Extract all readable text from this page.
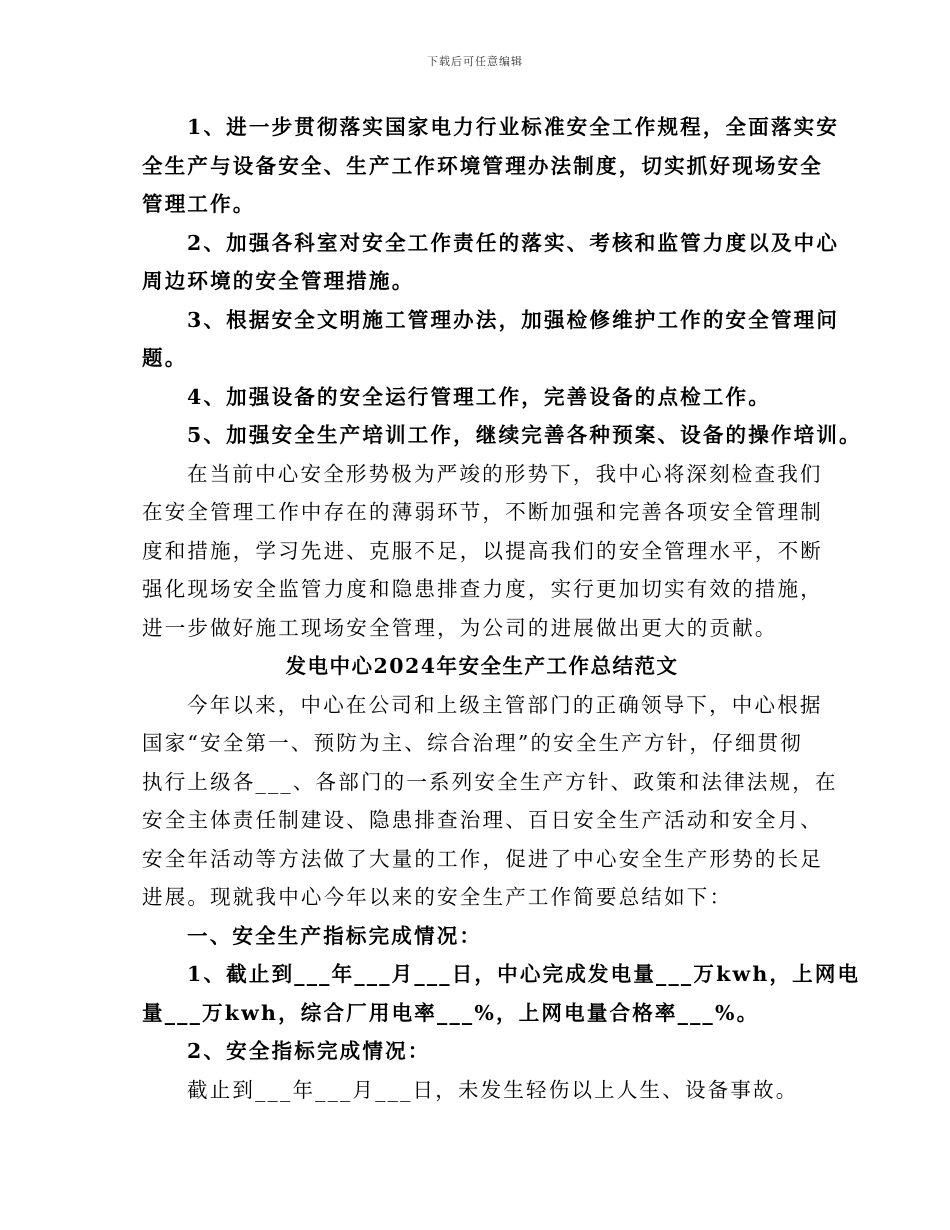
下载后可任意编辑
1、进一步贯彻落实国家电力行业标准安全工作规程，全面落实安
全生产与设备安全、生产工作环境管理办法制度，切实抓好现场安全
管理工作。
2、加强各科室对安全工作责任的落实、考核和监管力度以及中心
周边环境的安全管理措施。
3、根据安全文明施工管理办法，加强检修维护工作的安全管理问
题。
4、加强设备的安全运行管理工作，完善设备的点检工作。
5、加强安全生产培训工作，继续完善各种预案、设备的操作培训。
在当前中心安全形势极为严竣的形势下，我中心将深刻检查我们
在安全管理工作中存在的薄弱环节，不断加强和完善各项安全管理制
度和措施，学习先进、克服不足，以提高我们的安全管理水平，不断
强化现场安全监管力度和隐患排查力度，实行更加切实有效的措施，
进一步做好施工现场安全管理，为公司的进展做出更大的贡献。
发电中心2024年安全生产工作总结范文
今年以来，中心在公司和上级主管部门的正确领导下，中心根据
国家“安全第一、预防为主、综合治理”的安全生产方针，仔细贯彻
执行上级各___、各部门的一系列安全生产方针、政策和法律法规，在
安全主体责任制建设、隐患排查治理、百日安全生产活动和安全月、
安全年活动等方法做了大量的工作，促进了中心安全生产形势的长足
进展。现就我中心今年以来的安全生产工作简要总结如下：
一、安全生产指标完成情况：
1、截止到___年___月___日，中心完成发电量___万kwh，上网电
量___万kwh，综合厂用电率___%，上网电量合格率___%。
2、安全指标完成情况：
截止到___年___月___日，未发生轻伤以上人生、设备事故。
